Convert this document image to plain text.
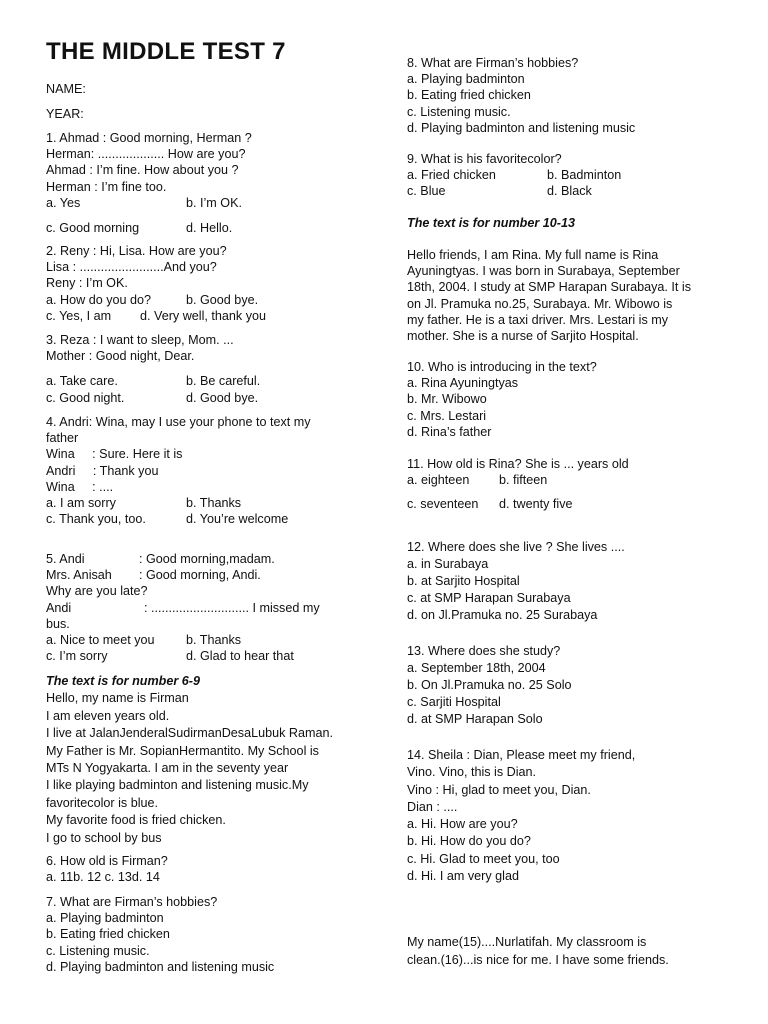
THE MIDDLE TEST 7
NAME:
YEAR:
1. Ahmad : Good morning, Herman ?
Herman: ................... How are you?
Ahmad : I’m fine. How about you ?
Herman : I’m fine too.
a. Yes	b. I’m OK.
c. Good morning	d. Hello.
2. Reny : Hi, Lisa. How are you?
Lisa : ........................And you?
Reny : I’m OK.
a. How do you do?	b. Good bye.
c. Yes, I am d. Very well, thank you
3. Reza : I want to sleep, Mom. ...
Mother : Good night, Dear.
a. Take care.	b. Be careful.
c. Good night.	d. Good bye.
4. Andri: Wina, may I use your phone to text my
father
Wina     : Sure. Here it is
Andri     : Thank you
Wina     : ....
a. I am sorry	b. Thanks
c. Thank you, too.	d. You’re welcome
5. Andi	: Good morning,madam.
Mrs. Anisah : Good morning, Andi.
Why are you late?
Andi	: ............................ I missed my
bus.
a. Nice to meet you	b. Thanks
c. I’m sorry	d. Glad to hear that
The text is for number 6-9
Hello, my name is Firman
I am eleven years old.
I live at JalanJenderalSudirmanDesaLubuk Raman.
My Father is Mr. SopianHermantito. My School is
MTs N Yogyakarta. I am in the seventy year
I like playing badminton and listening music.My
favoritecolor is blue.
My favorite food is fried chicken.
I go to school by bus
6. How old is Firman?
a. 11b. 12 c. 13d. 14
7. What are Firman’s hobbies?
a. Playing badminton
b. Eating fried chicken
c. Listening music.
d. Playing badminton and listening music
8. What are Firman’s hobbies?
a. Playing badminton
b. Eating fried chicken
c. Listening music.
d. Playing badminton and listening music
9. What is his favoritecolor?
a. Fried chicken	b. Badminton
c. Blue	d. Black
The text is for number 10-13
Hello friends, I am Rina. My full name is Rina
Ayuningtyas. I was born in Surabaya, September
18th, 2004. I study at SMP Harapan Surabaya. It is
on Jl. Pramuka no.25, Surabaya. Mr. Wibowo is
my father. He is a taxi driver. Mrs. Lestari is my
mother. She is a nurse of Sarjito Hospital.
10. Who is introducing in the text?
a. Rina Ayuningtyas
b. Mr. Wibowo
c. Mrs. Lestari
d. Rina’s father
11. How old is Rina? She is ... years old
a. eighteen b. fifteen
c. seventeen d. twenty five
12. Where does she live ? She lives ....
a. in Surabaya
b. at Sarjito Hospital
c. at SMP Harapan Surabaya
d. on Jl.Pramuka no. 25 Surabaya
13. Where does she study?
a. September 18th, 2004
b. On Jl.Pramuka no. 25 Solo
c. Sarjiti Hospital
d. at SMP Harapan Solo
14. Sheila : Dian, Please meet my friend,
Vino. Vino, this is Dian.
Vino : Hi, glad to meet you, Dian.
Dian : ....
a. Hi. How are you?
b. Hi. How do you do?
c. Hi. Glad to meet you, too
d. Hi. I am very glad
My name(15)....Nurlatifah. My classroom is
clean.(16)...is nice for me. I have some friends.
